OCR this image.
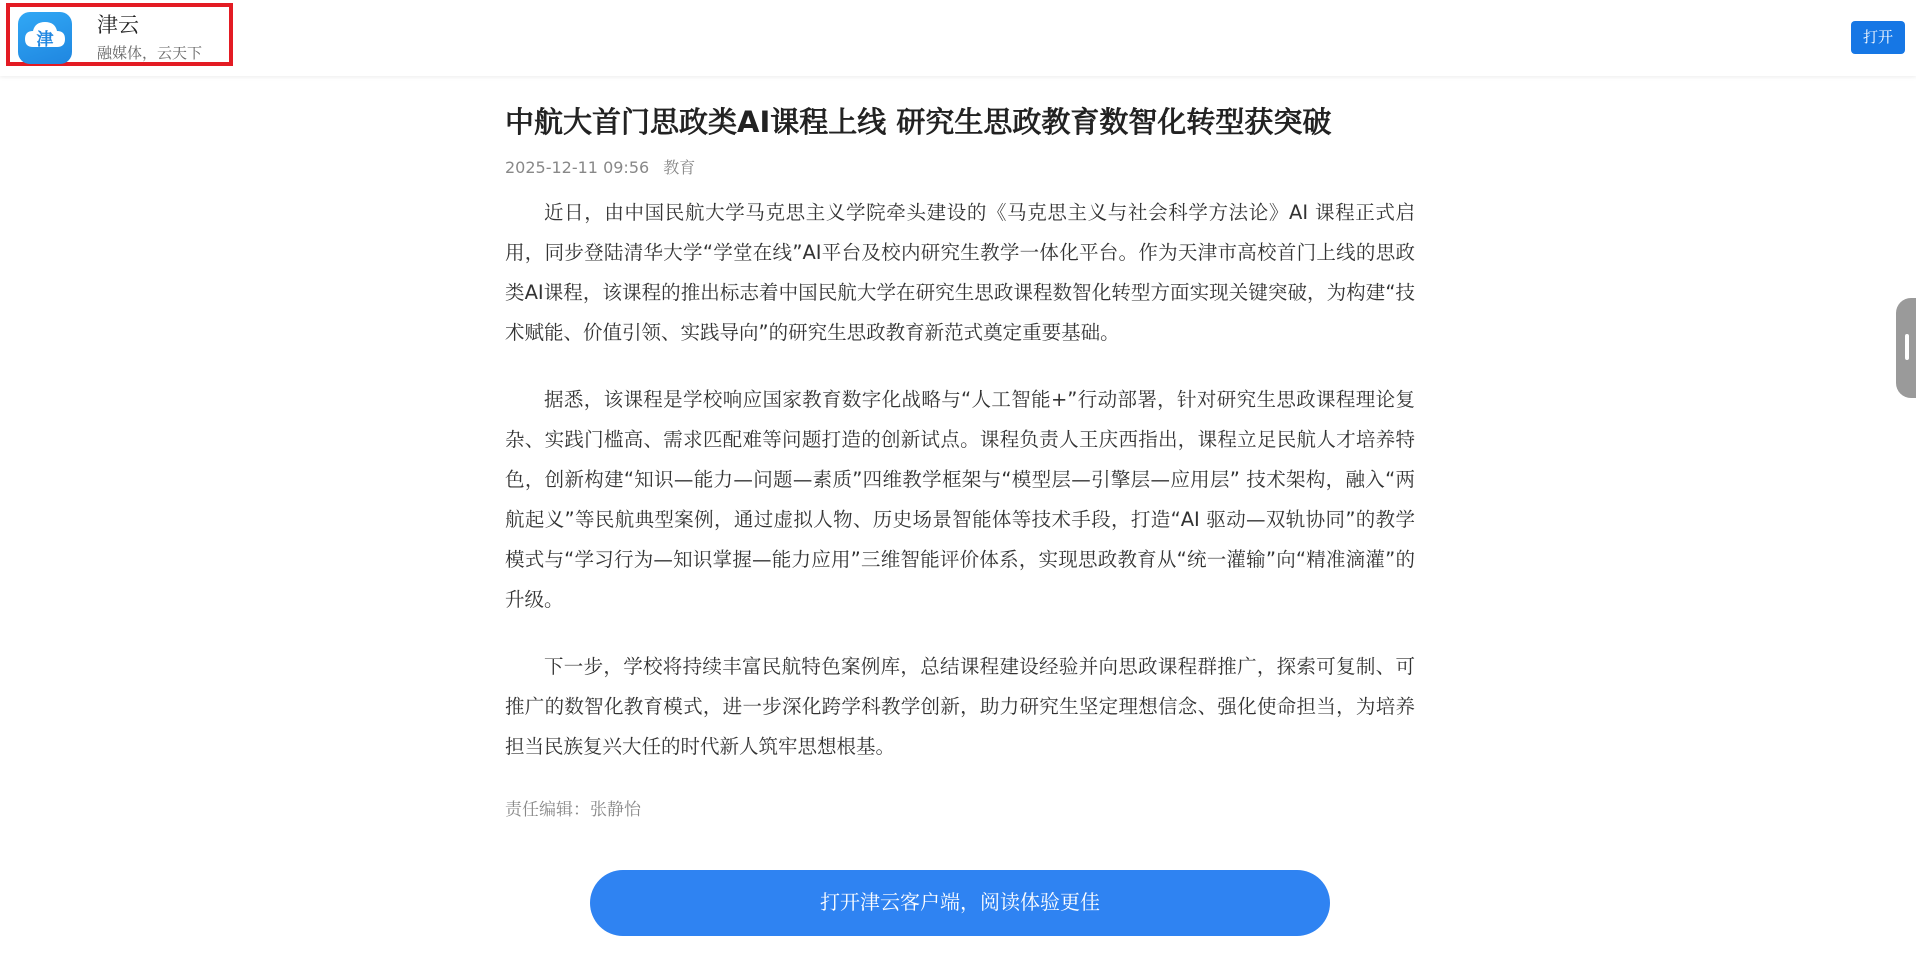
津
津云
融媒体，云天下
打开
中航大首门思政类AI课程上线 研究生思政教育数智化转型获突破
2025-12-11 09:56 教育

近日，由中国民航大学马克思主义学院牵头建设的《马克思主义与社会科学方法论》AI 课程正式启用，同步登陆清华大学“学堂在线”AI平台及校内研究生教学一体化平台。作为天津市高校首门上线的思政类AI课程，该课程的推出标志着中国民航大学在研究生思政课程数智化转型方面实现关键突破，为构建“技术赋能、价值引领、实践导向”的研究生思政教育新范式奠定重要基础。

据悉，该课程是学校响应国家教育数字化战略与“人工智能+”行动部署，针对研究生思政课程理论复杂、实践门槛高、需求匹配难等问题打造的创新试点。课程负责人王庆西指出，课程立足民航人才培养特色，创新构建“知识—能力—问题—素质”四维教学框架与“模型层—引擎层—应用层” 技术架构，融入“两航起义”等民航典型案例，通过虚拟人物、历史场景智能体等技术手段，打造“AI 驱动—双轨协同”的教学模式与“学习行为—知识掌握—能力应用”三维智能评价体系，实现思政教育从“统一灌输”向“精准滴灌”的升级。

下一步，学校将持续丰富民航特色案例库，总结课程建设经验并向思政课程群推广，探索可复制、可推广的数智化教育模式，进一步深化跨学科教学创新，助力研究生坚定理想信念、强化使命担当，为培养担当民族复兴大任的时代新人筑牢思想根基。

责任编辑：张静怡
打开津云客户端，阅读体验更佳
